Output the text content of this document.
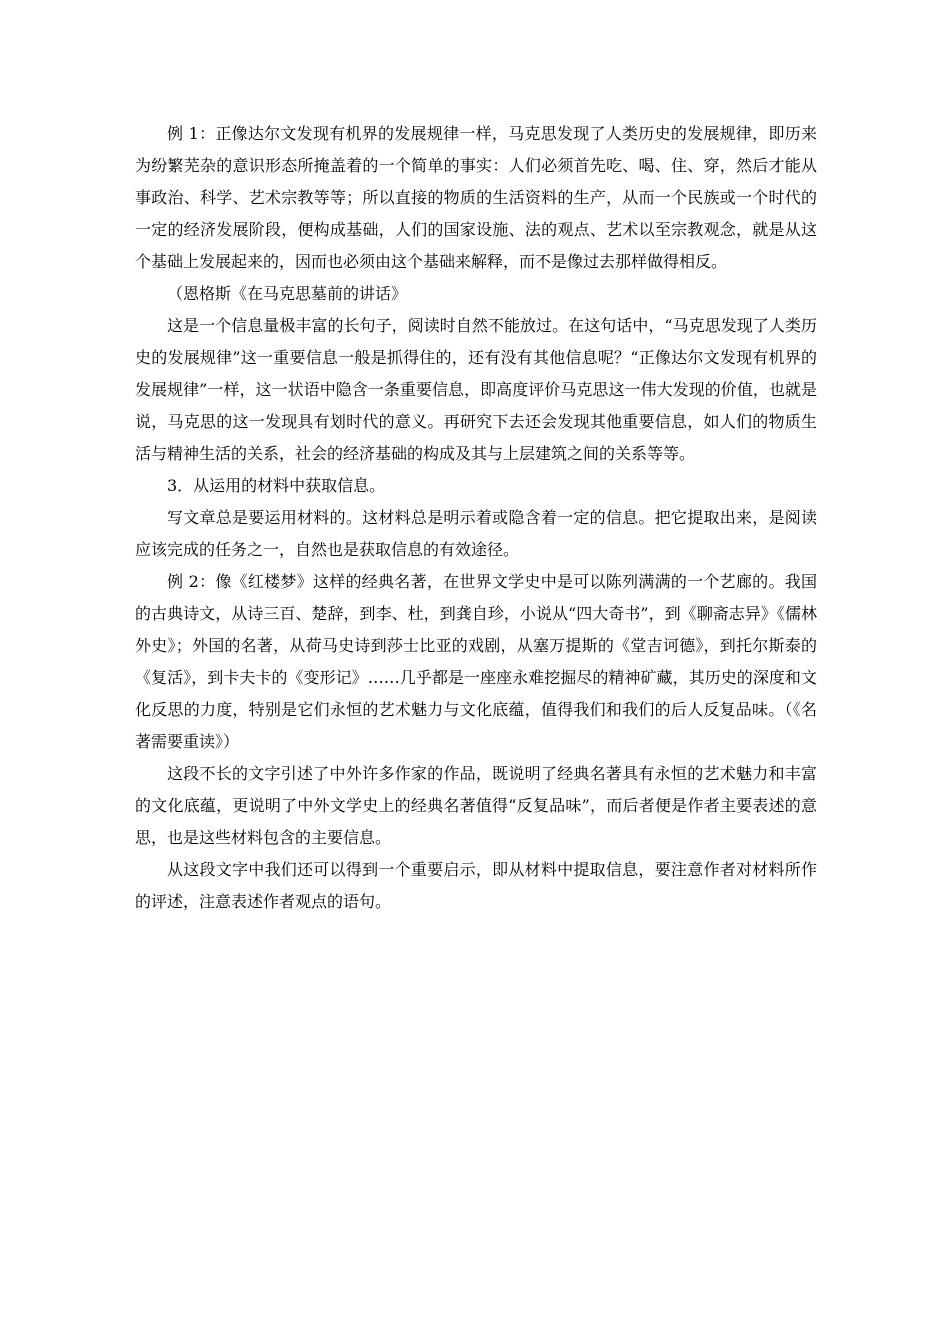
例 1：正像达尔文发现有机界的发展规律一样，马克思发现了人类历史的发展规律，即历来为纷繁芜杂的意识形态所掩盖着的一个简单的事实：人们必须首先吃、喝、住、穿，然后才能从事政治、科学、艺术宗教等等；所以直接的物质的生活资料的生产，从而一个民族或一个时代的一定的经济发展阶段，便构成基础，人们的国家设施、法的观点、艺术以至宗教观念，就是从这个基础上发展起来的，因而也必须由这个基础来解释，而不是像过去那样做得相反。

（恩格斯《在马克思墓前的讲话》

这是一个信息量极丰富的长句子，阅读时自然不能放过。在这句话中，“马克思发现了人类历史的发展规律”这一重要信息一般是抓得住的，还有没有其他信息呢？“正像达尔文发现有机界的发展规律”一样，这一状语中隐含一条重要信息，即高度评价马克思这一伟大发现的价值，也就是说，马克思的这一发现具有划时代的意义。再研究下去还会发现其他重要信息，如人们的物质生活与精神生活的关系，社会的经济基础的构成及其与上层建筑之间的关系等等。

3．从运用的材料中获取信息。

写文章总是要运用材料的。这材料总是明示着或隐含着一定的信息。把它提取出来，是阅读应该完成的任务之一，自然也是获取信息的有效途径。

例 2：像《红楼梦》这样的经典名著，在世界文学史中是可以陈列满满的一个艺廊的。我国的古典诗文，从诗三百、楚辞，到李、杜，到龚自珍，小说从“四大奇书”，到《聊斋志异》《儒林外史》；外国的名著，从荷马史诗到莎士比亚的戏剧，从塞万提斯的《堂吉诃德》，到托尔斯泰的《复活》，到卡夫卡的《变形记》……几乎都是一座座永难挖掘尽的精神矿藏，其历史的深度和文化反思的力度，特别是它们永恒的艺术魅力与文化底蕴，值得我们和我们的后人反复品味。（《名著需要重读》）

这段不长的文字引述了中外许多作家的作品，既说明了经典名著具有永恒的艺术魅力和丰富的文化底蕴，更说明了中外文学史上的经典名著值得“反复品味”，而后者便是作者主要表述的意思，也是这些材料包含的主要信息。

从这段文字中我们还可以得到一个重要启示，即从材料中提取信息，要注意作者对材料所作的评述，注意表述作者观点的语句。
